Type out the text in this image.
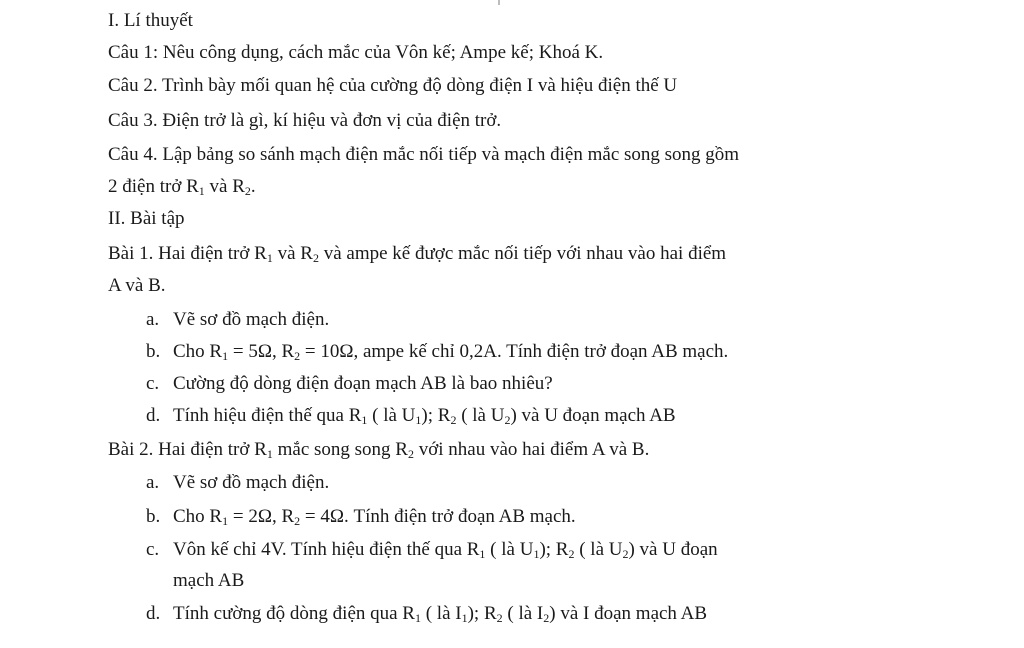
I. Lí thuyết
Câu 1: Nêu công dụng, cách mắc của Vôn kế; Ampe kế; Khoá K.
Câu 2. Trình bày mối quan hệ của cường độ dòng điện I và hiệu điện thế U
Câu 3. Điện trở là gì, kí hiệu và đơn vị của điện trở.
Câu 4. Lập bảng so sánh mạch điện mắc nối tiếp và mạch điện mắc song song gồm
2 điện trở $R_1$ và $R_2$.
II. Bài tập
Bài 1. Hai điện trở $R_1$ và $R_2$ và ampe kế được mắc nối tiếp với nhau vào hai điểm
A và B.
a. Vẽ sơ đồ mạch điện.
b. Cho $R_1 = 5\Omega$, $R_2 = 10\Omega$, ampe kế chỉ 0,2A. Tính điện trở đoạn AB mạch.
c. Cường độ dòng điện đoạn mạch AB là bao nhiêu?
d. Tính hiệu điện thế qua $R_1$ ( là $U_1$); $R_2$ ( là $U_2$) và U đoạn mạch AB
Bài 2. Hai điện trở $R_1$ mắc song song $R_2$ với nhau vào hai điểm A và B.
a. Vẽ sơ đồ mạch điện.
b. Cho $R_1 = 2\Omega$, $R_2 = 4\Omega$. Tính điện trở đoạn AB mạch.
c. Vôn kế chỉ 4V. Tính hiệu điện thế qua $R_1$ ( là $U_1$); $R_2$ ( là $U_2$) và U đoạn
mạch AB
d. Tính cường độ dòng điện qua $R_1$ ( là $I_1$); $R_2$ ( là $I_2$) và I đoạn mạch AB
